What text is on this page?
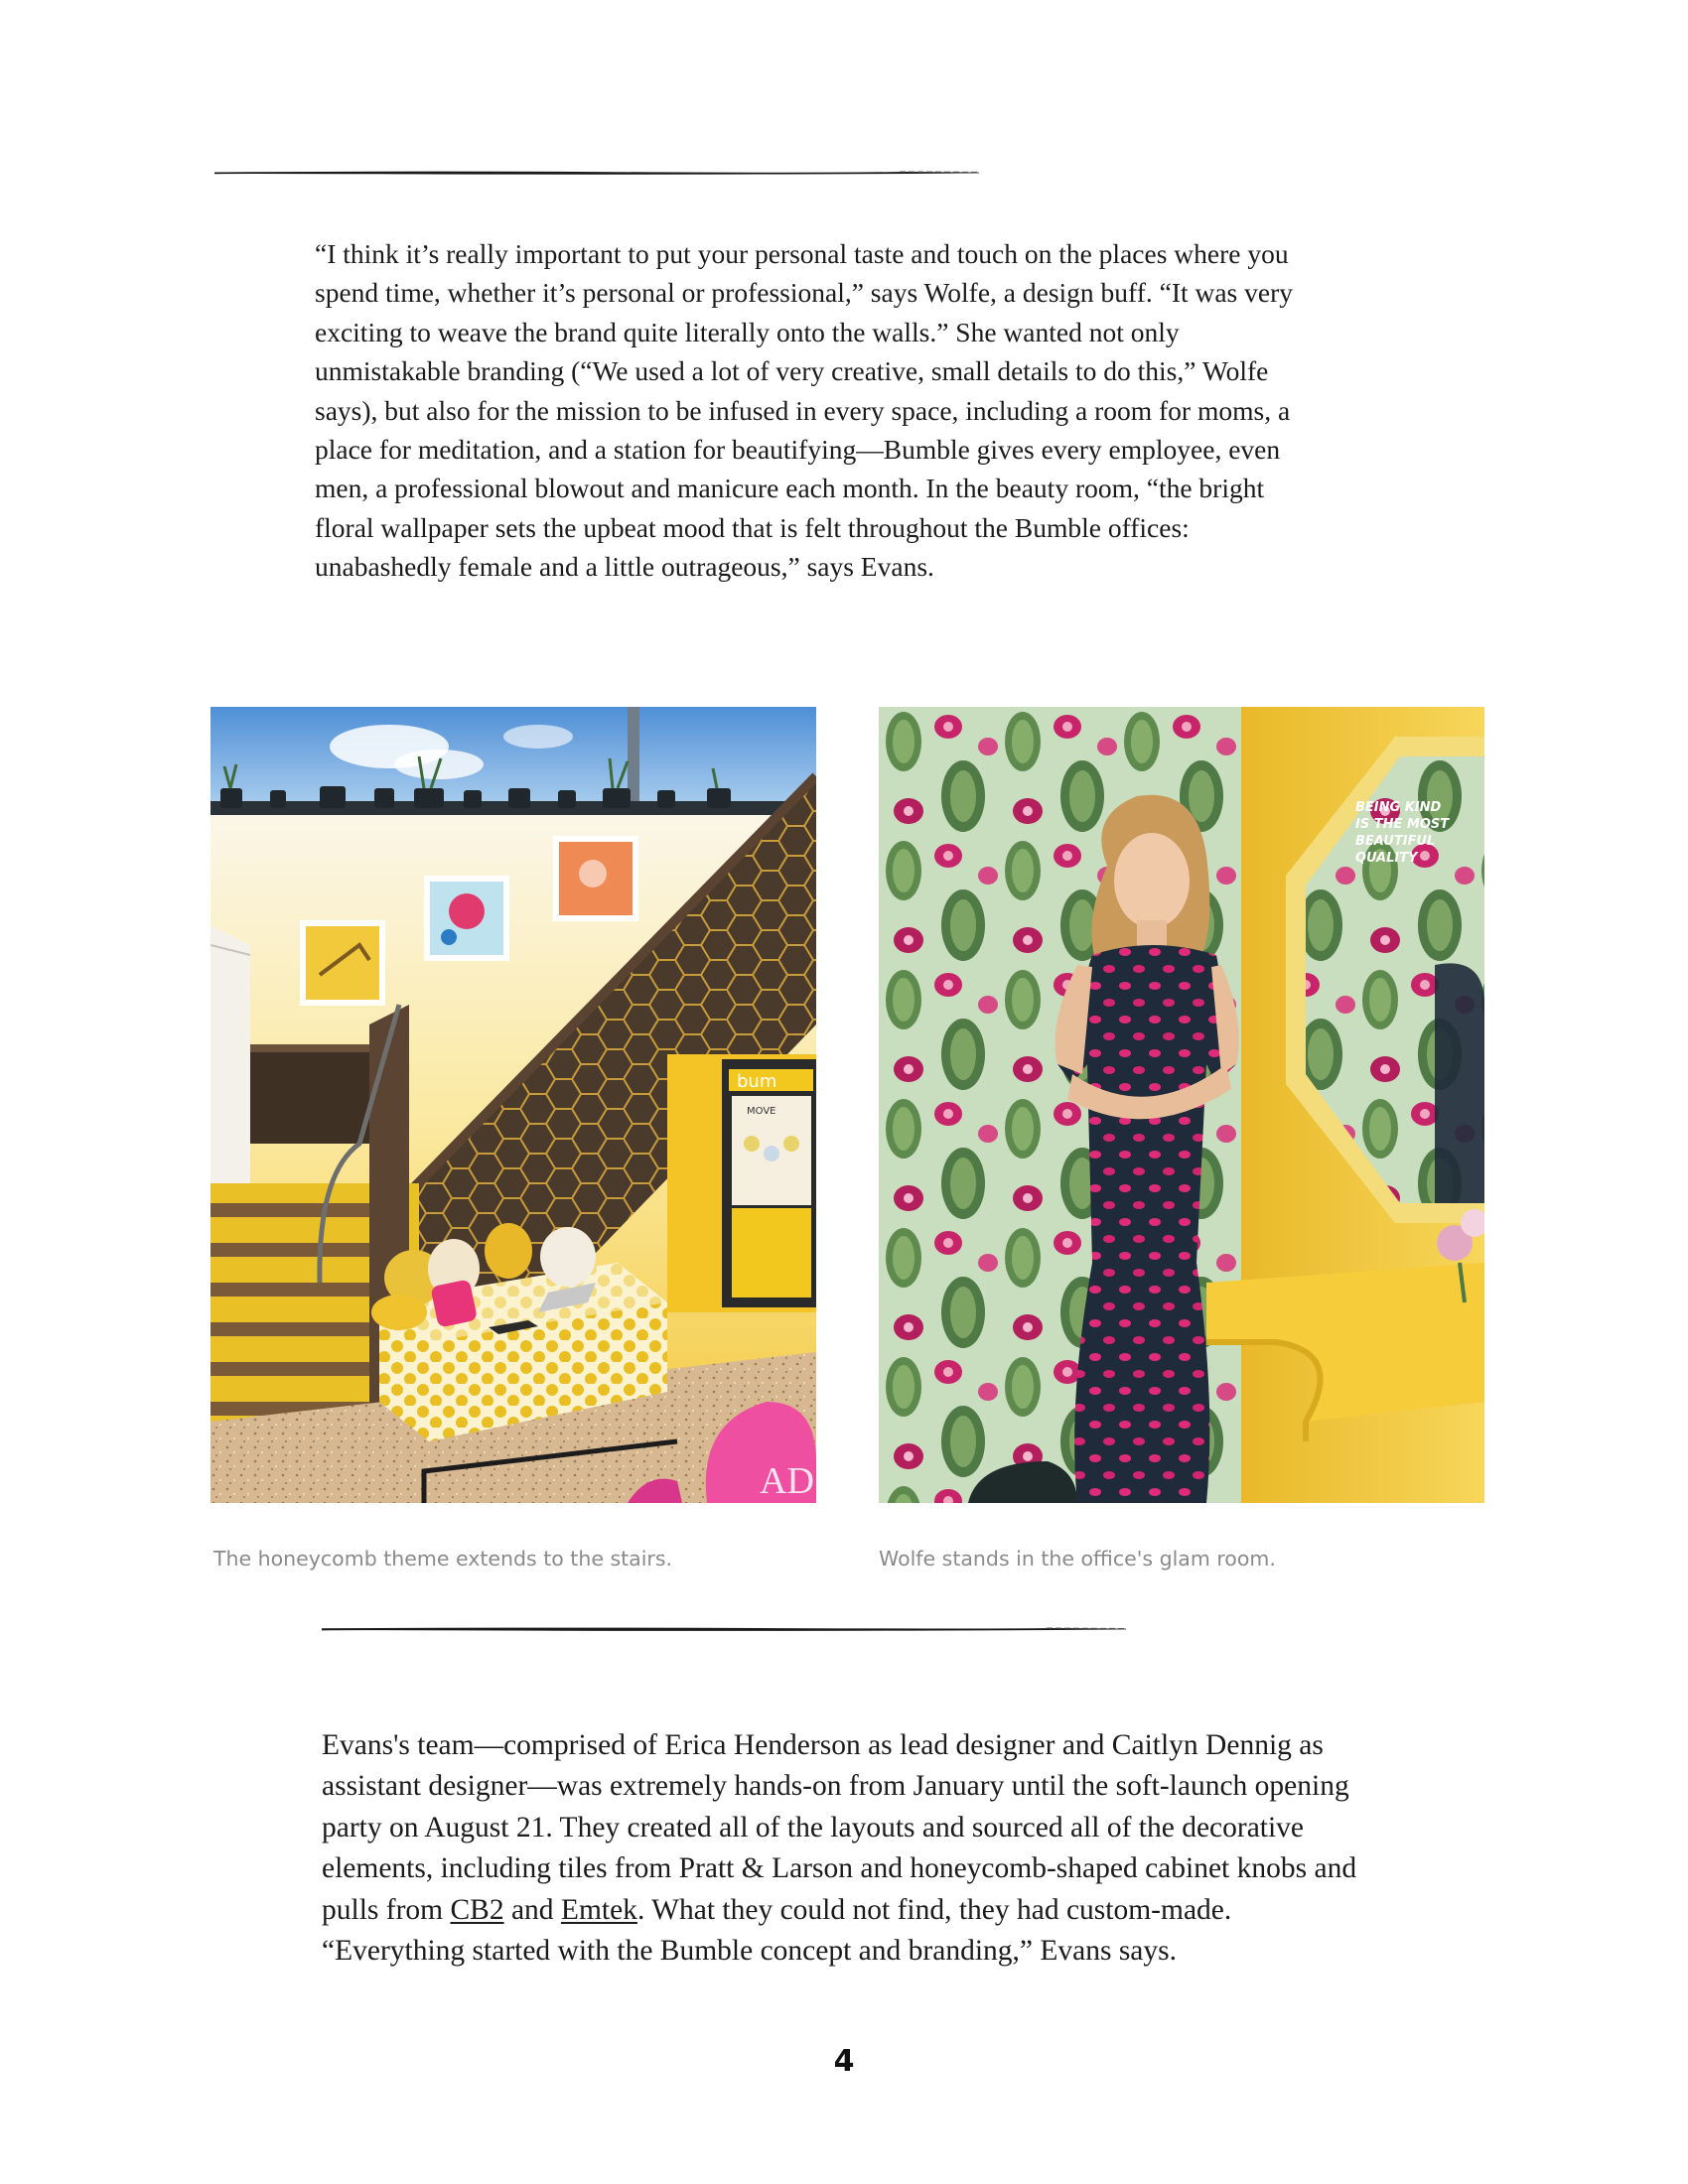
“I think it’s really important to put your personal taste and touch on the places where you spend time, whether it’s personal or professional,” says Wolfe, a design buff. “It was very exciting to weave the brand quite literally onto the walls.” She wanted not only unmistakable branding (“We used a lot of very creative, small details to do this,” Wolfe says), but also for the mission to be infused in every space, including a room for moms, a place for meditation, and a station for beautifying—Bumble gives every employee, even men, a professional blowout and manicure each month. In the beauty room, “the bright floral wallpaper sets the upbeat mood that is felt throughout the Bumble offices: unabashedly female and a little outrageous,” says Evans.

bum
MOVE
AD
BEING KIND
IS THE MOST
BEAUTIFUL
QUALITY

The honeycomb theme extends to the stairs.	Wolfe stands in the office's glam room.

Evans's team—comprised of Erica Henderson as lead designer and Caitlyn Dennig as assistant designer—was extremely hands-on from January until the soft-launch opening party on August 21. They created all of the layouts and sourced all of the decorative elements, including tiles from Pratt & Larson and honeycomb-shaped cabinet knobs and pulls from CB2 and Emtek. What they could not find, they had custom-made. “Everything started with the Bumble concept and branding,” Evans says.

4
